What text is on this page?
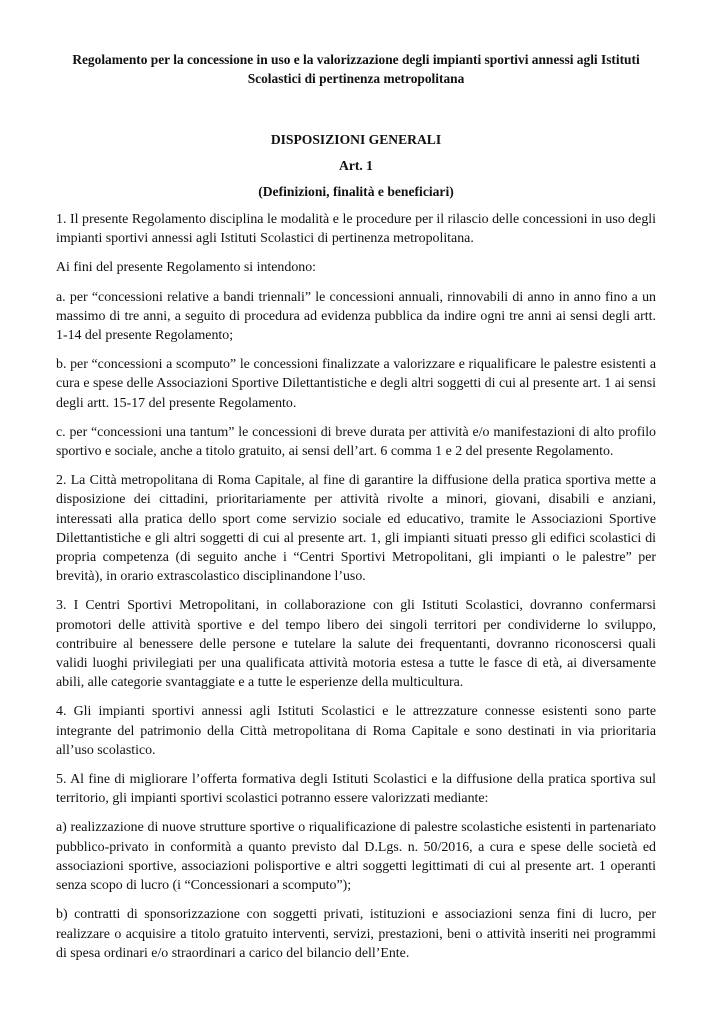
Regolamento per la concessione in uso e la valorizzazione degli impianti sportivi annessi agli Istituti Scolastici di pertinenza metropolitana
DISPOSIZIONI GENERALI
Art. 1
(Definizioni, finalità e beneficiari)

1. Il presente Regolamento disciplina le modalità e le procedure per il rilascio delle concessioni in uso degli impianti sportivi annessi agli Istituti Scolastici di pertinenza metropolitana.

Ai fini del presente Regolamento si intendono:

a. per “concessioni relative a bandi triennali” le concessioni annuali, rinnovabili di anno in anno fino a un massimo di tre anni, a seguito di procedura ad evidenza pubblica da indire ogni tre anni ai sensi degli artt. 1-14 del presente Regolamento;

b. per “concessioni a scomputo” le concessioni finalizzate a valorizzare e riqualificare le palestre esistenti a cura e spese delle Associazioni Sportive Dilettantistiche e degli altri soggetti di cui al presente art. 1 ai sensi degli artt. 15-17 del presente Regolamento.

c. per “concessioni una tantum” le concessioni di breve durata per attività e/o manifestazioni di alto profilo sportivo e sociale, anche a titolo gratuito, ai sensi dell’art. 6 comma 1 e 2 del presente Regolamento.

2. La Città metropolitana di Roma Capitale, al fine di garantire la diffusione della pratica sportiva mette a disposizione dei cittadini, prioritariamente per attività rivolte a minori, giovani, disabili e anziani, interessati alla pratica dello sport come servizio sociale ed educativo, tramite le Associazioni Sportive Dilettantistiche e gli altri soggetti di cui al presente art. 1, gli impianti situati presso gli edifici scolastici di propria competenza (di seguito anche i “Centri Sportivi Metropolitani, gli impianti o le palestre” per brevità), in orario extrascolastico disciplinandone l’uso.

3. I Centri Sportivi Metropolitani, in collaborazione con gli Istituti Scolastici, dovranno confermarsi promotori delle attività sportive e del tempo libero dei singoli territori per condividerne lo sviluppo, contribuire al benessere delle persone e tutelare la salute dei frequentanti, dovranno riconoscersi quali validi luoghi privilegiati per una qualificata attività motoria estesa a tutte le fasce di età, ai diversamente abili, alle categorie svantaggiate e a tutte le esperienze della multicultura.

4. Gli impianti sportivi annessi agli Istituti Scolastici e le attrezzature connesse esistenti sono parte integrante del patrimonio della Città metropolitana di Roma Capitale e sono destinati in via prioritaria all’uso scolastico.

5. Al fine di migliorare l’offerta formativa degli Istituti Scolastici e la diffusione della pratica sportiva sul territorio, gli impianti sportivi scolastici potranno essere valorizzati mediante:

a) realizzazione di nuove strutture sportive o riqualificazione di palestre scolastiche esistenti in partenariato pubblico-privato in conformità a quanto previsto dal D.Lgs. n. 50/2016, a cura e spese delle società ed associazioni sportive, associazioni polisportive e altri soggetti legittimati di cui al presente art. 1 operanti senza scopo di lucro (i “Concessionari a scomputo”);

b) contratti di sponsorizzazione con soggetti privati, istituzioni e associazioni senza fini di lucro, per realizzare o acquisire a titolo gratuito interventi, servizi, prestazioni, beni o attività inseriti nei programmi di spesa ordinari e/o straordinari a carico del bilancio dell’Ente.
